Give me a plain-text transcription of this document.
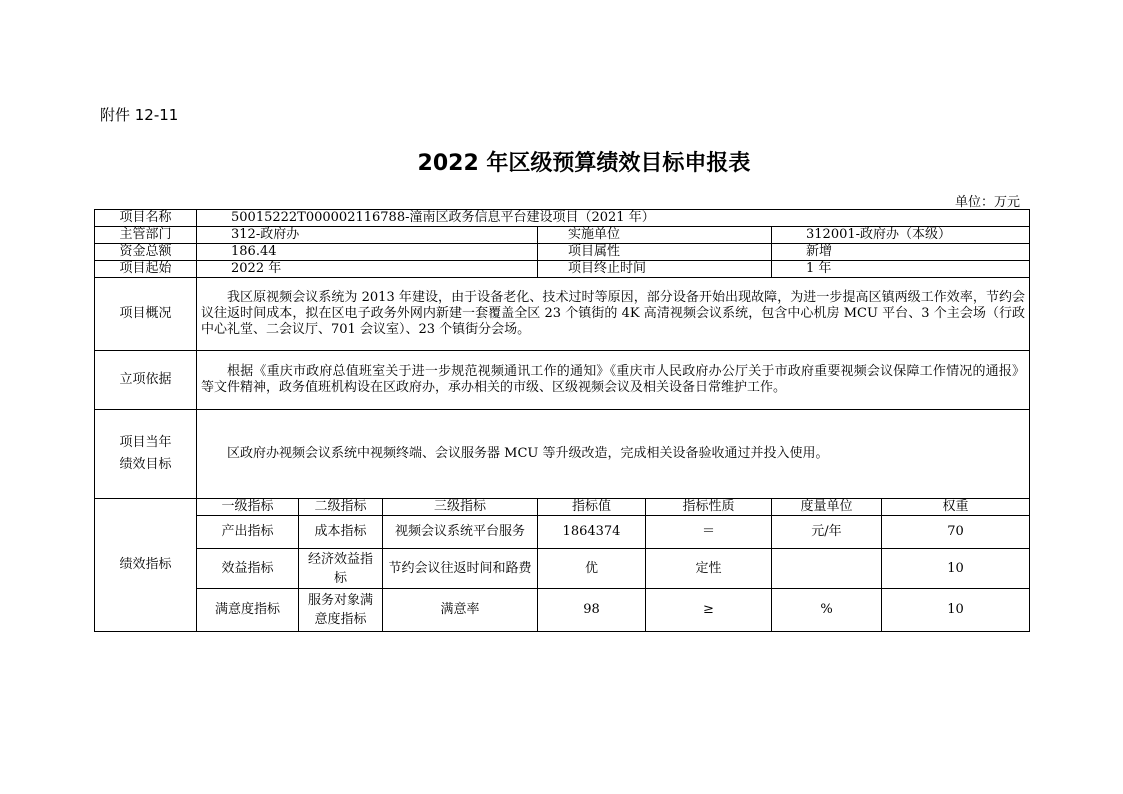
附件 12-11
2022 年区级预算绩效目标申报表
单位：万元
项目名称	50015222T000002116788-潼南区政务信息平台建设项目（2021 年）						
主管部门	312-政府办			实施单位		312001-政府办（本级）	
资金总额	186.44			项目属性		新增	
项目起始	2022 年			项目终止时间		1 年	
项目概况	我区原视频会议系统为 2013 年建设，由于设备老化、技术过时等原因，部分设备开始出现故障，为进一步提高区镇两级工作效率，节约会议往返时间成本，拟在区电子政务外网内新建一套覆盖全区 23 个镇街的 4K 高清视频会议系统，包含中心机房 MCU 平台、3 个主会场（行政中心礼堂、二会议厅、701 会议室）、23 个镇街分会场。						
立项依据	根据《重庆市政府总值班室关于进一步规范视频通讯工作的通知》《重庆市人民政府办公厅关于市政府重要视频会议保障工作情况的通报》等文件精神，政务值班机构设在区政府办，承办相关的市级、区级视频会议及相关设备日常维护工作。						
项目当年
绩效目标	区政府办视频会议系统中视频终端、会议服务器 MCU 等升级改造，完成相关设备验收通过并投入使用。						
绩效指标	一级指标	二级指标	三级指标	指标值	指标性质	度量单位	权重
	产出指标	成本指标	视频会议系统平台服务	1864374	＝	元/年	70
	效益指标	经济效益指标	节约会议往返时间和路费	优	定性		10
	满意度指标	服务对象满意度指标	满意率	98	≥	%	10
